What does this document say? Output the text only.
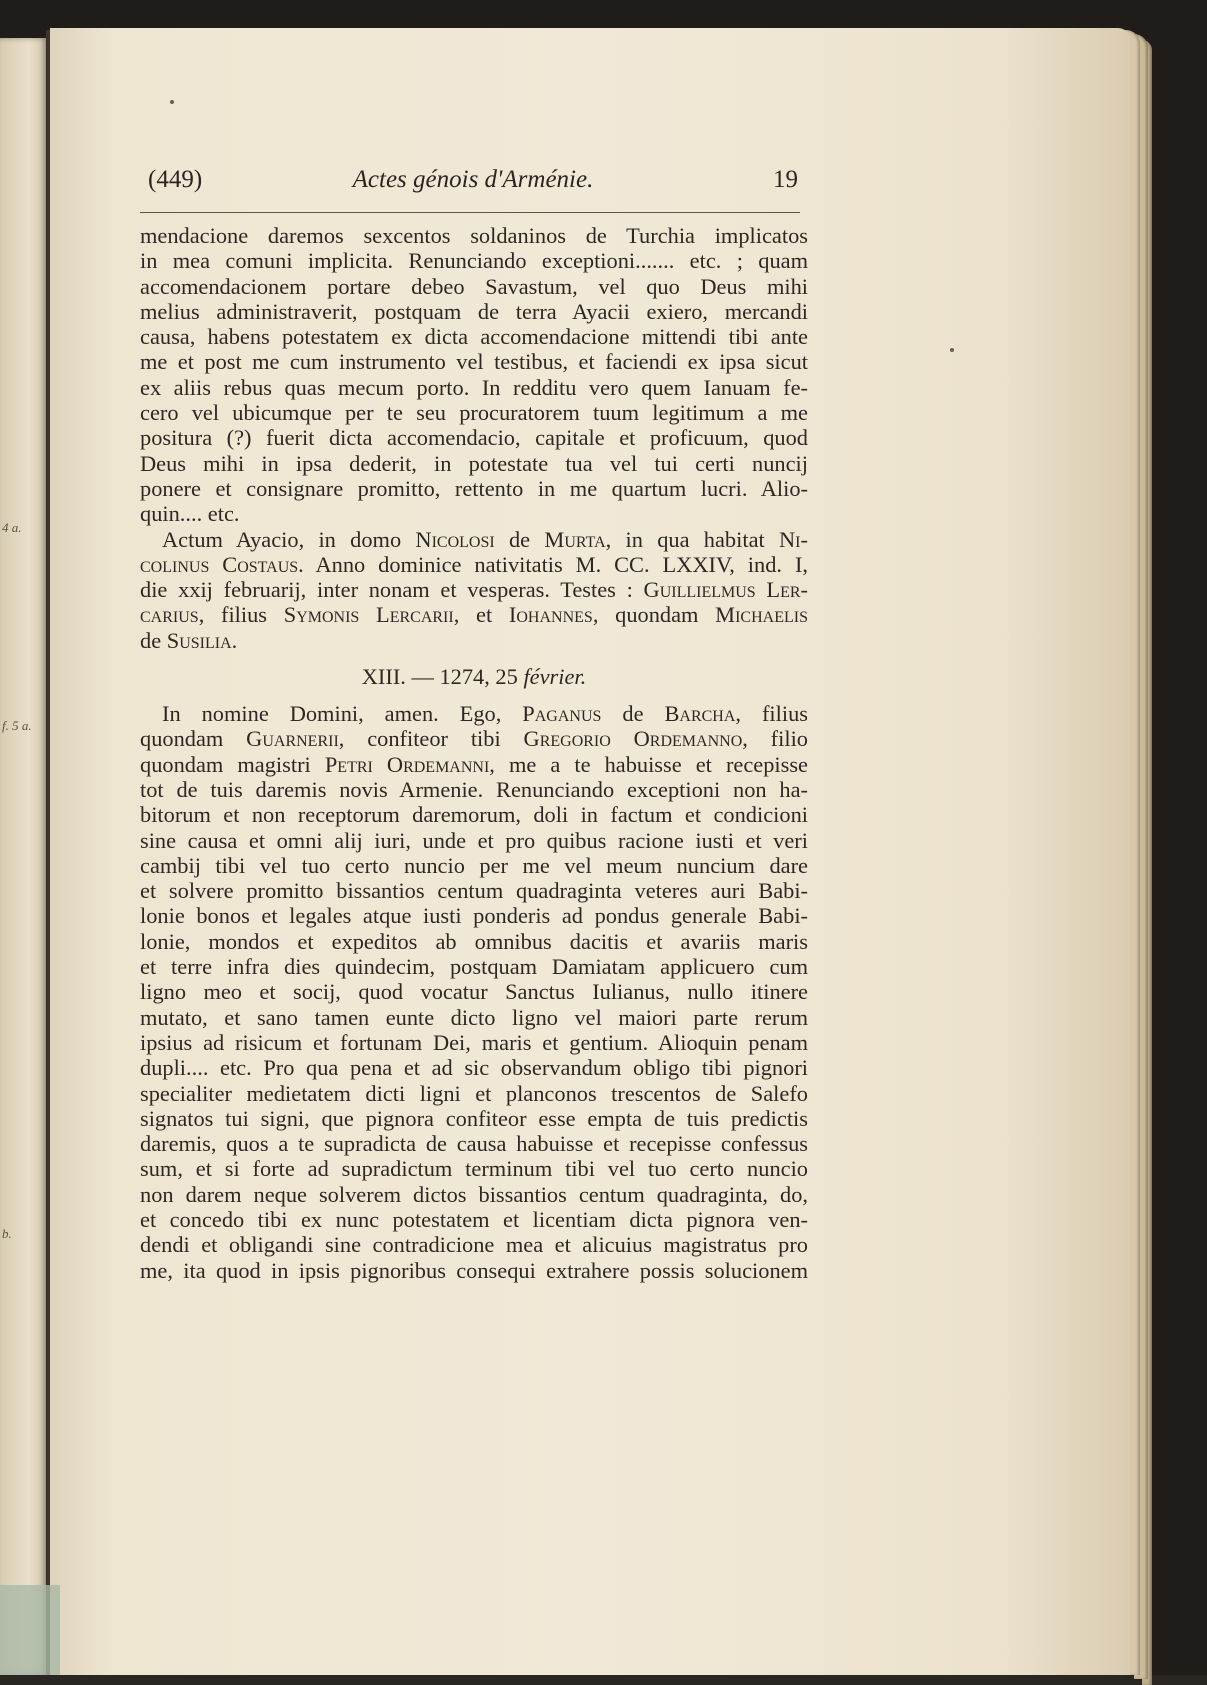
4 a.
f. 5 a.
b.
Actes génois d'Arménie.
(449)	19
mendacione daremos sexcentos soldaninos de Turchia implicatos
in mea comuni implicita. Renunciando exceptioni....... etc. ; quam
accomendacionem portare debeo Savastum, vel quo Deus mihi
melius administraverit, postquam de terra Ayacii exiero, mercandi
causa, habens potestatem ex dicta accomendacione mittendi tibi ante
me et post me cum instrumento vel testibus, et faciendi ex ipsa sicut
ex aliis rebus quas mecum porto. In redditu vero quem Ianuam fe-
cero vel ubicumque per te seu procuratorem tuum legitimum a me
positura (?) fuerit dicta accomendacio, capitale et proficuum, quod
Deus mihi in ipsa dederit, in potestate tua vel tui certi nuncij
ponere et consignare promitto, rettento in me quartum lucri. Alio-
quin.... etc.
Actum Ayacio, in domo Nicolosi de Murta, in qua habitat Ni-
colinus Costaus. Anno dominice nativitatis M. CC. LXXIV, ind. I,
die xxij februarij, inter nonam et vesperas. Testes : Guillielmus Ler-
carius, filius Symonis Lercarii, et Iohannes, quondam Michaelis
de Susilia.
XIII. — 1274, 25 février.
In nomine Domini, amen. Ego, Paganus de Barcha, filius
quondam Guarnerii, confiteor tibi Gregorio Ordemanno, filio
quondam magistri Petri Ordemanni, me a te habuisse et recepisse
tot de tuis daremis novis Armenie. Renunciando exceptioni non ha-
bitorum et non receptorum daremorum, doli in factum et condicioni
sine causa et omni alij iuri, unde et pro quibus racione iusti et veri
cambij tibi vel tuo certo nuncio per me vel meum nuncium dare
et solvere promitto bissantios centum quadraginta veteres auri Babi-
lonie bonos et legales atque iusti ponderis ad pondus generale Babi-
lonie, mondos et expeditos ab omnibus dacitis et avariis maris
et terre infra dies quindecim, postquam Damiatam applicuero cum
ligno meo et socij, quod vocatur Sanctus Iulianus, nullo itinere
mutato, et sano tamen eunte dicto ligno vel maiori parte rerum
ipsius ad risicum et fortunam Dei, maris et gentium. Alioquin penam
dupli.... etc. Pro qua pena et ad sic observandum obligo tibi pignori
specialiter medietatem dicti ligni et planconos trescentos de Salefo
signatos tui signi, que pignora confiteor esse empta de tuis predictis
daremis, quos a te supradicta de causa habuisse et recepisse confessus
sum, et si forte ad supradictum terminum tibi vel tuo certo nuncio
non darem neque solverem dictos bissantios centum quadraginta, do,
et concedo tibi ex nunc potestatem et licentiam dicta pignora ven-
dendi et obligandi sine contradicione mea et alicuius magistratus pro
me, ita quod in ipsis pignoribus consequi extrahere possis solucionem
